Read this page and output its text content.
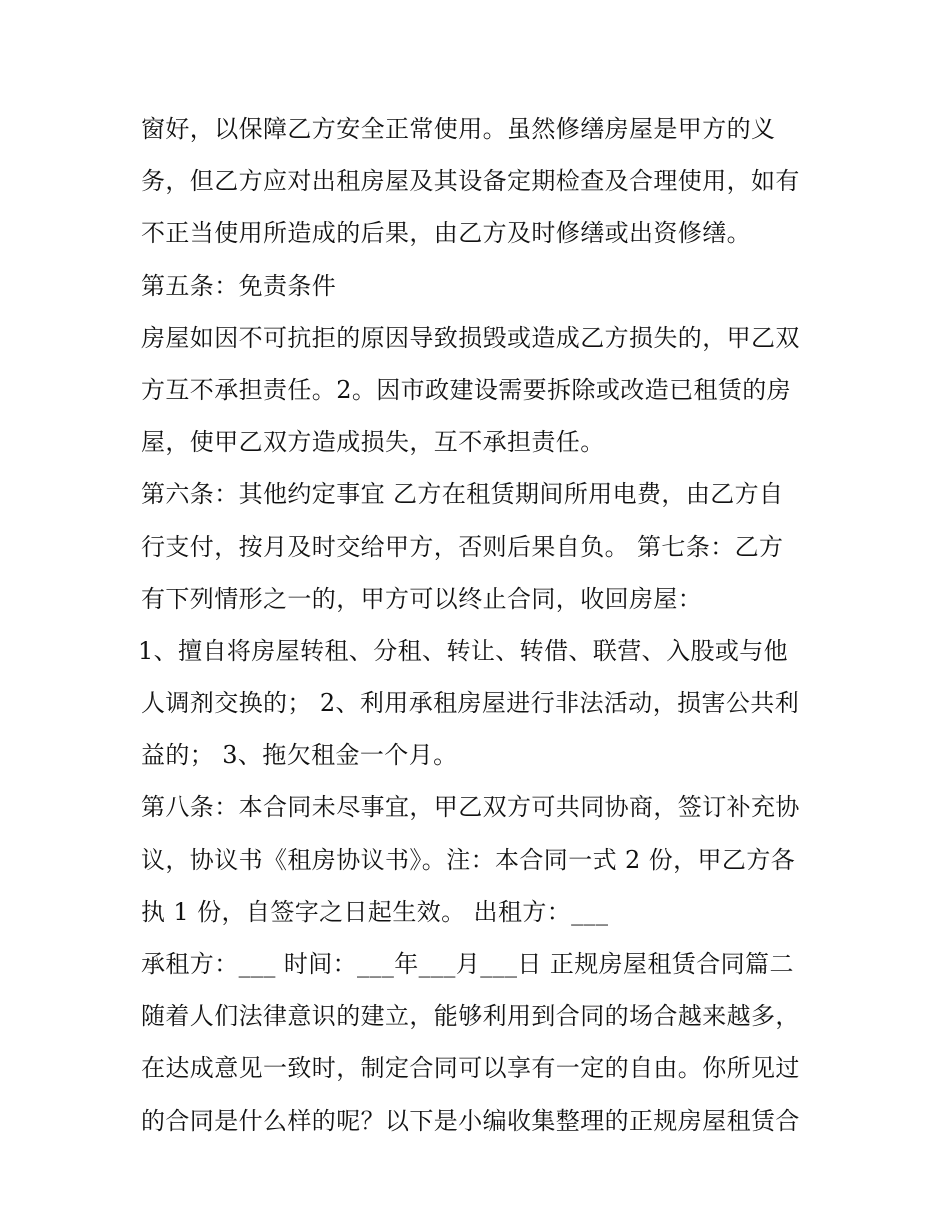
窗好，以保障乙方安全正常使用。虽然修缮房屋是甲方的义
务，但乙方应对出租房屋及其设备定期检查及合理使用，如有
不正当使用所造成的后果，由乙方及时修缮或出资修缮。
第五条：免责条件
房屋如因不可抗拒的原因导致损毁或造成乙方损失的，甲乙双
方互不承担责任。2。因市政建设需要拆除或改造已租赁的房
屋，使甲乙双方造成损失，互不承担责任。
第六条：其他约定事宜 乙方在租赁期间所用电费，由乙方自
行支付，按月及时交给甲方，否则后果自负。 第七条：乙方
有下列情形之一的，甲方可以终止合同，收回房屋：
1、擅自将房屋转租、分租、转让、转借、联营、入股或与他
人调剂交换的； 2、利用承租房屋进行非法活动，损害公共利
益的； 3、拖欠租金一个月。
第八条：本合同未尽事宜，甲乙双方可共同协商，签订补充协
议，协议书《租房协议书》。注：本合同一式 2 份，甲乙方各
执 1 份，自签字之日起生效。 出租方：___
承租方：___ 时间：___年___月___日 正规房屋租赁合同篇二
随着人们法律意识的建立，能够利用到合同的场合越来越多，
在达成意见一致时，制定合同可以享有一定的自由。你所见过
的合同是什么样的呢？以下是小编收集整理的正规房屋租赁合
